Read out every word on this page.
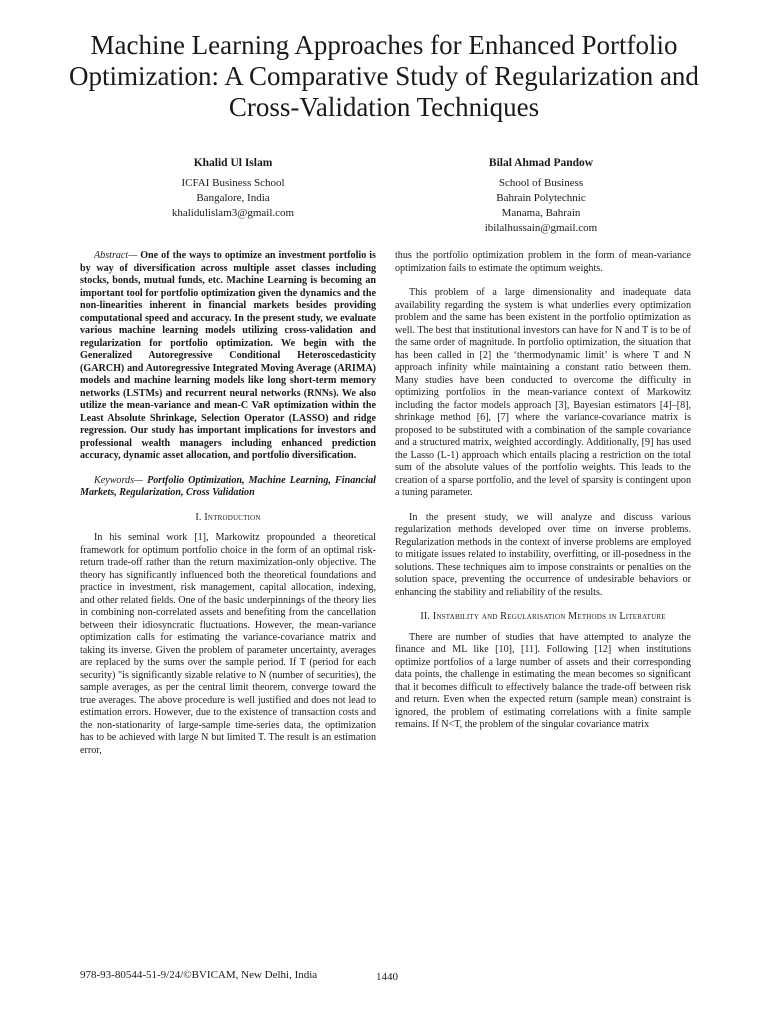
Machine Learning Approaches for Enhanced Portfolio Optimization: A Comparative Study of Regularization and Cross-Validation Techniques
Khalid Ul Islam
ICFAI Business School
Bangalore, India
khalidulislam3@gmail.com
Bilal Ahmad Pandow
School of Business
Bahrain Polytechnic
Manama, Bahrain
ibilalhussain@gmail.com

Abstract— One of the ways to optimize an investment portfolio is by way of diversification across multiple asset classes including stocks, bonds, mutual funds, etc. Machine Learning is becoming an important tool for portfolio optimization given the dynamics and the non-linearities inherent in financial markets besides providing computational speed and accuracy. In the present study, we evaluate various machine learning models utilizing cross-validation and regularization for portfolio optimization. We begin with the Generalized Autoregressive Conditional Heteroscedasticity (GARCH) and Autoregressive Integrated Moving Average (ARIMA) models and machine learning models like long short-term memory networks (LSTMs) and recurrent neural networks (RNNs). We also utilize the mean-variance and mean-C VaR optimization within the Least Absolute Shrinkage, Selection Operator (LASSO) and ridge regression. Our study has important implications for investors and professional wealth managers including enhanced prediction accuracy, dynamic asset allocation, and portfolio diversification.

Keywords— Portfolio Optimization, Machine Learning, Financial Markets, Regularization, Cross Validation

I. Introduction

In his seminal work [1], Markowitz propounded a theoretical framework for optimum portfolio choice in the form of an optimal risk-return trade-off rather than the return maximization-only objective. The theory has significantly influenced both the theoretical foundations and practice in investment, risk management, capital allocation, indexing, and other related fields. One of the basic underpinnings of the theory lies in combining non-correlated assets and benefiting from the cancellation between their idiosyncratic fluctuations. However, the mean-variance optimization calls for estimating the variance-covariance matrix and taking its inverse. Given the problem of parameter uncertainty, averages are replaced by the sums over the sample period. If T (period for each security) "is significantly sizable relative to N (number of securities), the sample averages, as per the central limit theorem, converge toward the true averages. The above procedure is well justified and does not lead to estimation errors. However, due to the existence of transaction costs and the non-stationarity of large-sample time-series data, the optimization has to be achieved with large N but limited T. The result is an estimation error,

thus the portfolio optimization problem in the form of mean-variance optimization fails to estimate the optimum weights.

This problem of a large dimensionality and inadequate data availability regarding the system is what underlies every optimization problem and the same has been existent in the portfolio optimization as well. The best that institutional investors can have for N and T is to be of the same order of magnitude. In portfolio optimization, the situation that has been called in [2] the ‘thermodynamic limit’ is where T and N approach infinity while maintaining a constant ratio between them. Many studies have been conducted to overcome the difficulty in optimizing portfolios in the mean-variance context of Markowitz including the factor models approach [3], Bayesian estimators [4]–[8], shrinkage method [6], [7] where the variance-covariance matrix is proposed to be substituted with a combination of the sample covariance and a structured matrix, weighted accordingly. Additionally, [9] has used the Lasso (L-1) approach which entails placing a restriction on the total sum of the absolute values of the portfolio weights. This leads to the creation of a sparse portfolio, and the level of sparsity is contingent upon a tuning parameter.

In the present study, we will analyze and discuss various regularization methods developed over time on inverse problems. Regularization methods in the context of inverse problems are employed to mitigate issues related to instability, overfitting, or ill-posedness in the solutions. These techniques aim to impose constraints or penalties on the solution space, preventing the occurrence of undesirable behaviors or enhancing the stability and reliability of the results.

II. Instability and Regularisation Methods in Literature

There are number of studies that have attempted to analyze the finance and ML like [10], [11]. Following [12] when institutions optimize portfolios of a large number of assets and their corresponding data points, the challenge in estimating the mean becomes so significant that it becomes difficult to effectively balance the trade-off between risk and return. Even when the expected return (sample mean) constraint is ignored, the problem of estimating correlations with a finite sample remains. If N<T, the problem of the singular covariance matrix

978-93-80544-51-9/24/©BVICAM, New Delhi, India	1440
